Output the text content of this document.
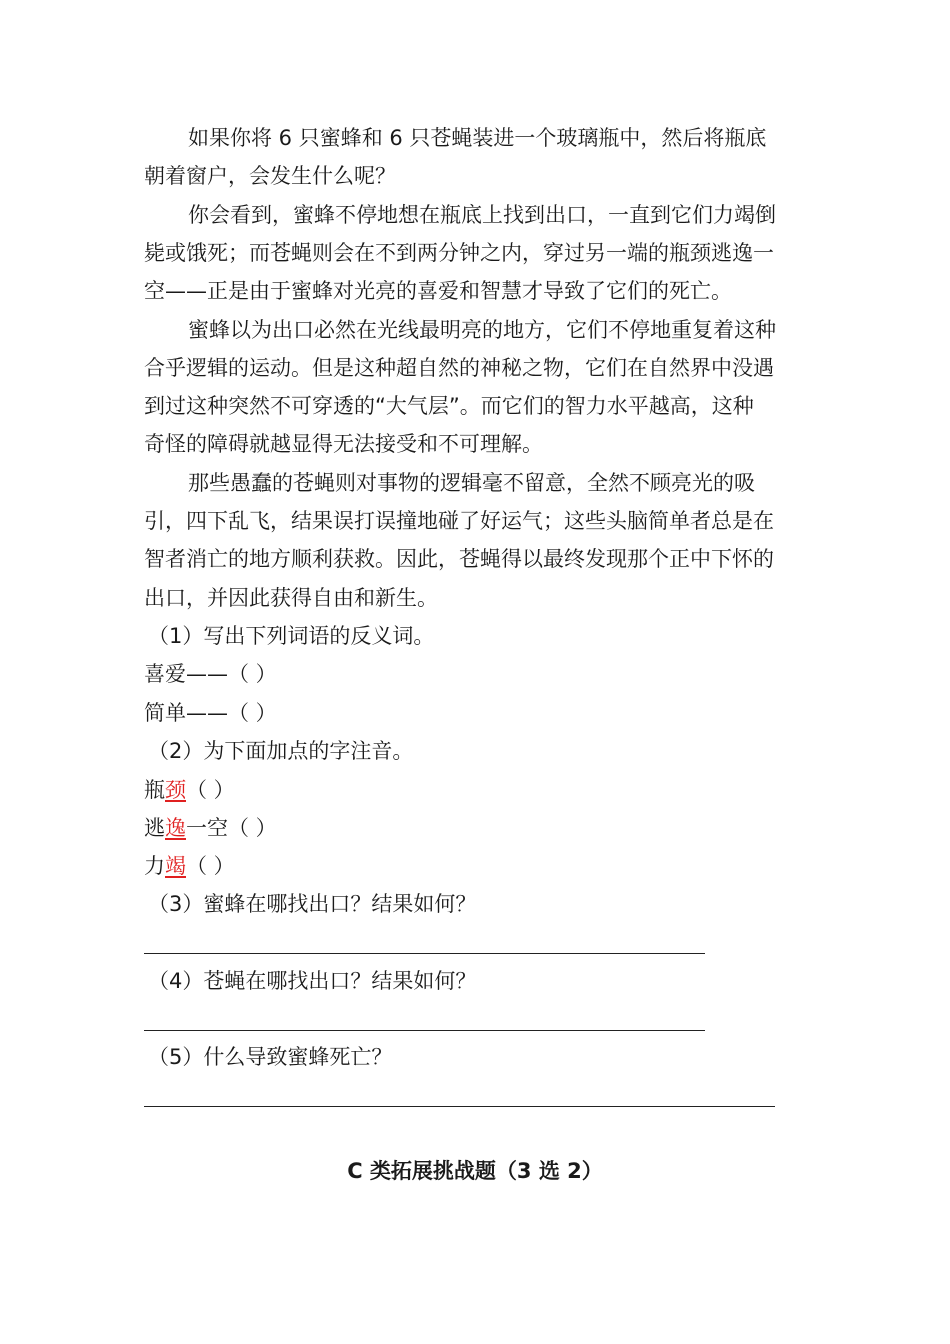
如果你将 6 只蜜蜂和 6 只苍蝇装进一个玻璃瓶中，然后将瓶底
朝着窗户，会发生什么呢？
你会看到，蜜蜂不停地想在瓶底上找到出口，一直到它们力竭倒
毙或饿死；而苍蝇则会在不到两分钟之内，穿过另一端的瓶颈逃逸一
空——正是由于蜜蜂对光亮的喜爱和智慧才导致了它们的死亡。
蜜蜂以为出口必然在光线最明亮的地方，它们不停地重复着这种
合乎逻辑的运动。但是这种超自然的神秘之物，它们在自然界中没遇
到过这种突然不可穿透的“大气层”。而它们的智力水平越高，这种
奇怪的障碍就越显得无法接受和不可理解。
那些愚蠢的苍蝇则对事物的逻辑毫不留意，全然不顾亮光的吸
引，四下乱飞，结果误打误撞地碰了好运气；这些头脑简单者总是在
智者消亡的地方顺利获救。因此，苍蝇得以最终发现那个正中下怀的
出口，并因此获得自由和新生。
（1）写出下列词语的反义词。
喜爱——（ ）
简单——（ ）
（2）为下面加点的字注音。
瓶颈（ ）
逃逸一空（ ）
力竭（ ）
（3）蜜蜂在哪找出口？结果如何？
（4）苍蝇在哪找出口？结果如何？
（5）什么导致蜜蜂死亡？
C 类拓展挑战题（3 选 2）
